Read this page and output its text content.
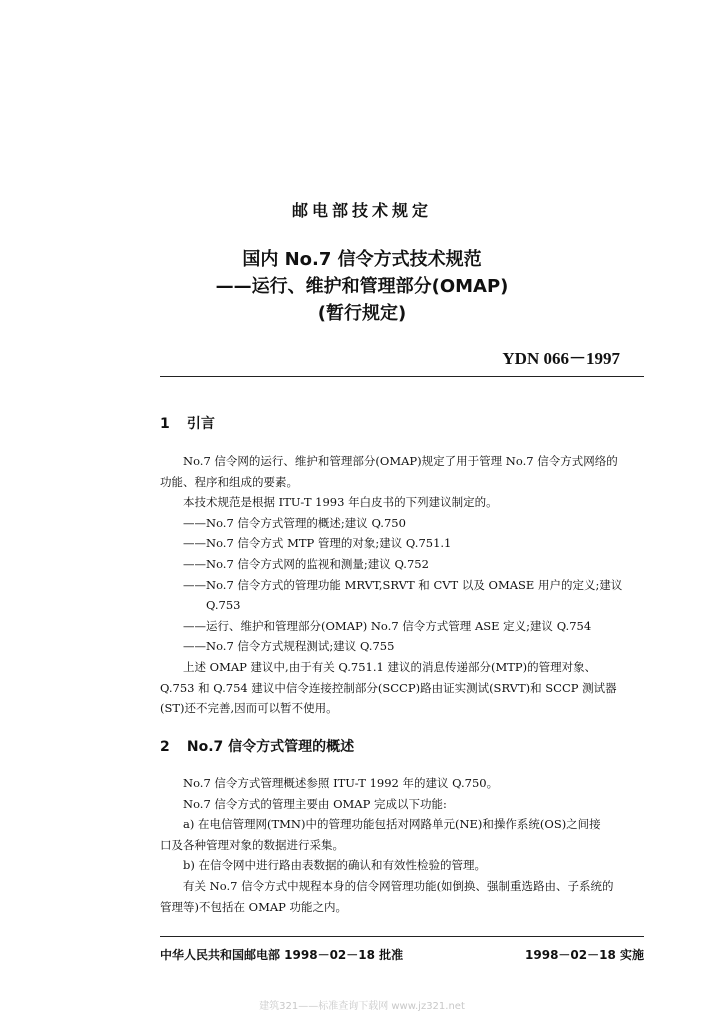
邮电部技术规定
国内 No.7 信令方式技术规范
——运行、维护和管理部分(OMAP)
(暂行规定)
YDN 066－1997
1 引言
No.7 信令网的运行、维护和管理部分(OMAP)规定了用于管理 No.7 信令方式网络的
功能、程序和组成的要素。
本技术规范是根据 ITU-T 1993 年白皮书的下列建议制定的。
——No.7 信令方式管理的概述;建议 Q.750
——No.7 信令方式 MTP 管理的对象;建议 Q.751.1
——No.7 信令方式网的监视和测量;建议 Q.752
——No.7 信令方式的管理功能 MRVT,SRVT 和 CVT 以及 OMASE 用户的定义;建议
Q.753
——运行、维护和管理部分(OMAP) No.7 信令方式管理 ASE 定义;建议 Q.754
——No.7 信令方式规程测试;建议 Q.755
上述 OMAP 建议中,由于有关 Q.751.1 建议的消息传递部分(MTP)的管理对象、
Q.753 和 Q.754 建议中信令连接控制部分(SCCP)路由证实测试(SRVT)和 SCCP 测试器
(ST)还不完善,因而可以暂不使用。
2 No.7 信令方式管理的概述
No.7 信令方式管理概述参照 ITU-T 1992 年的建议 Q.750。
No.7 信令方式的管理主要由 OMAP 完成以下功能:
a) 在电信管理网(TMN)中的管理功能包括对网路单元(NE)和操作系统(OS)之间接
口及各种管理对象的数据进行采集。
b) 在信令网中进行路由表数据的确认和有效性检验的管理。
有关 No.7 信令方式中规程本身的信令网管理功能(如倒换、强制重选路由、子系统的
管理等)不包括在 OMAP 功能之内。
中华人民共和国邮电部 1998－02－18 批准	1998－02－18 实施
建筑321——标准查询下载网 www.jz321.net
